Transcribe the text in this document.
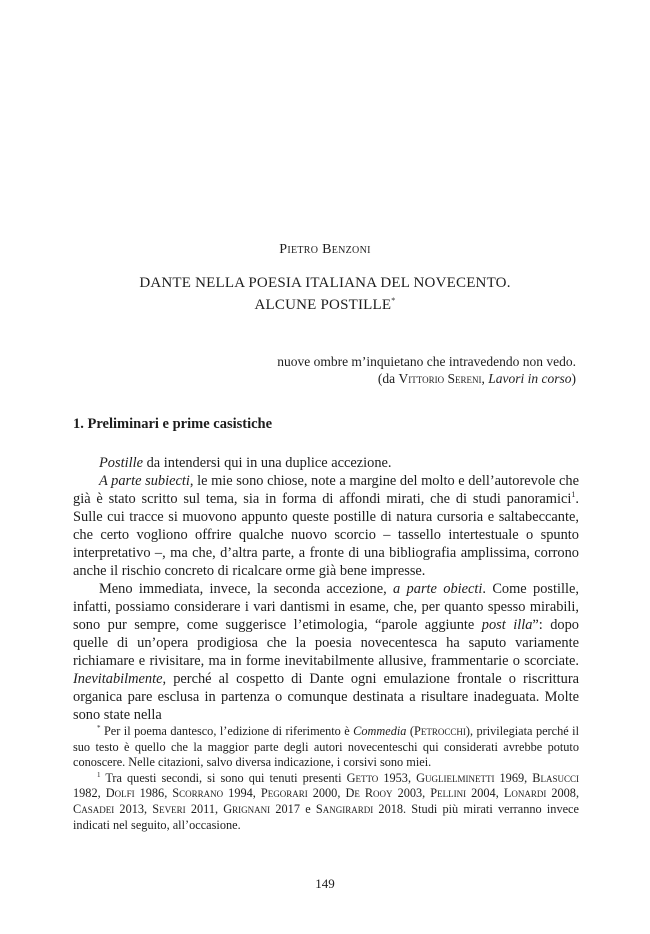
Pietro Benzoni
DANTE NELLA POESIA ITALIANA DEL NOVECENTO.
ALCUNE POSTILLE*
nuove ombre m’inquietano che intravedendo non vedo.
(da Vittorio Sereni, Lavori in corso)
1. Preliminari e prime casistiche

Postille da intendersi qui in una duplice accezione.

A parte subiecti, le mie sono chiose, note a margine del molto e dell’autorevole che già è stato scritto sul tema, sia in forma di affondi mirati, che di studi panoramici$^1$. Sulle cui tracce si muovono appunto queste postille di natura cursoria e saltabeccante, che certo vogliono offrire qualche nuovo scorcio – tassello intertestuale o spunto interpretativo –, ma che, d’altra parte, a fronte di una bibliografia amplissima, corrono anche il rischio concreto di ricalcare orme già bene impresse.

Meno immediata, invece, la seconda accezione, a parte obiecti. Come postille, infatti, possiamo considerare i vari dantismi in esame, che, per quanto spesso mirabili, sono pur sempre, come suggerisce l’etimologia, “parole aggiunte post illa”: dopo quelle di un’opera prodigiosa che la poesia novecentesca ha saputo variamente richiamare e rivisitare, ma in forme inevitabilmente allusive, frammentarie o scorciate. Inevitabilmente, perché al cospetto di Dante ogni emulazione frontale o riscrittura organica pare esclusa in partenza o comunque destinata a risultare inadeguata. Molte sono state nella

* Per il poema dantesco, l’edizione di riferimento è Commedia (Petrocchi), privilegiata perché il suo testo è quello che la maggior parte degli autori novecenteschi qui considerati avrebbe potuto conoscere. Nelle citazioni, salvo diversa indicazione, i corsivi sono miei.

$^1$ Tra questi secondi, si sono qui tenuti presenti Getto 1953, Guglielminetti 1969, Blasucci 1982, Dolfi 1986, Scorrano 1994, Pegorari 2000, De Rooy 2003, Pellini 2004, Lonardi 2008, Casadei 2013, Severi 2011, Grignani 2017 e Sangirardi 2018. Studi più mirati verranno invece indicati nel seguito, all’occasione.

149
